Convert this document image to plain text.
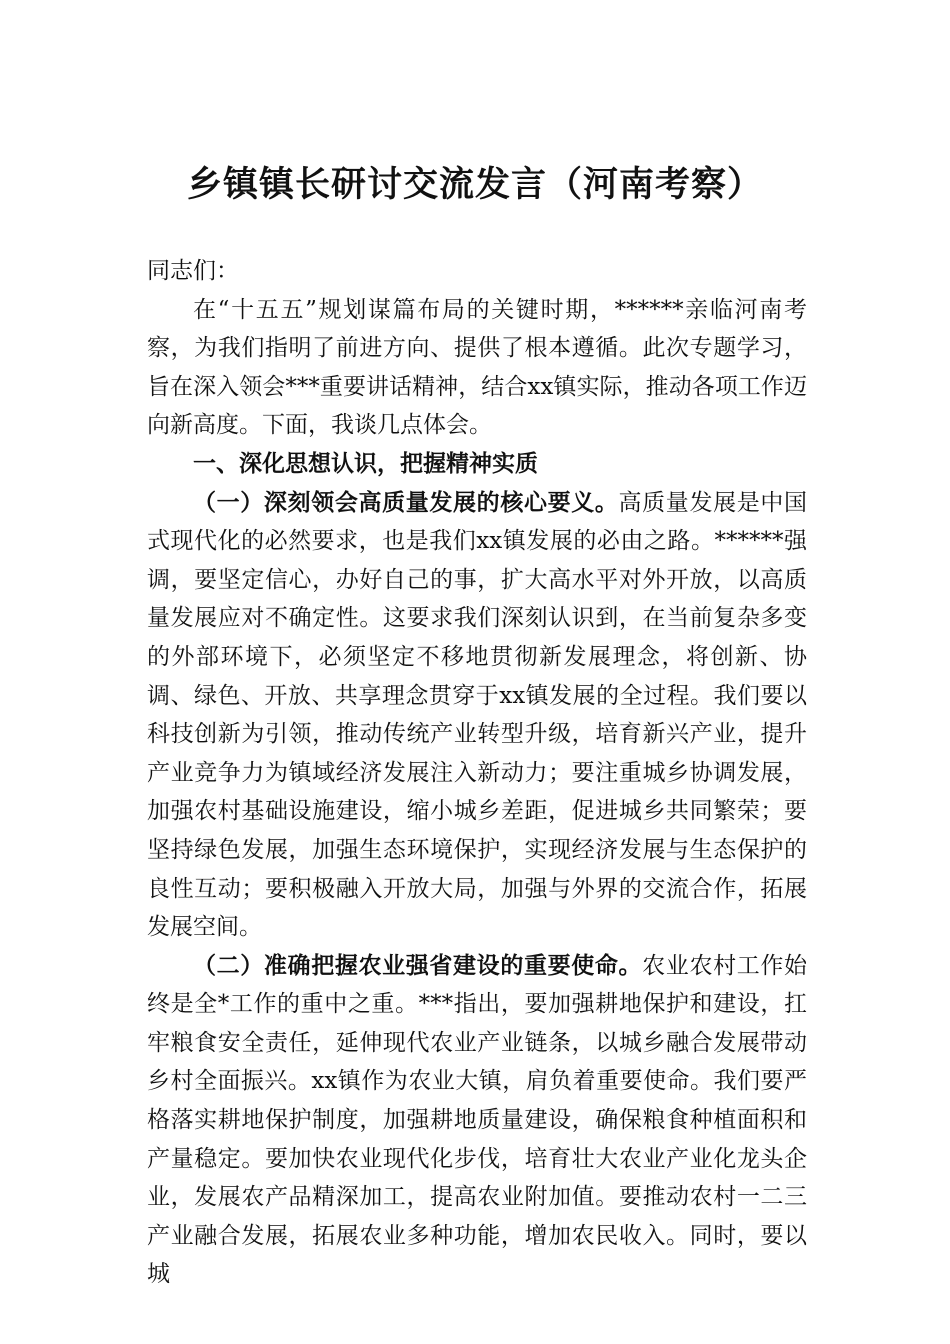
乡镇镇长研讨交流发言（河南考察）

同志们：

在“十五五”规划谋篇布局的关键时期，******亲临河南考察，为我们指明了前进方向、提供了根本遵循。此次专题学习，旨在深入领会***重要讲话精神，结合xx镇实际，推动各项工作迈向新高度。下面，我谈几点体会。

一、深化思想认识，把握精神实质

（一）深刻领会高质量发展的核心要义。高质量发展是中国式现代化的必然要求，也是我们xx镇发展的必由之路。******强调，要坚定信心，办好自己的事，扩大高水平对外开放，以高质量发展应对不确定性。这要求我们深刻认识到，在当前复杂多变的外部环境下，必须坚定不移地贯彻新发展理念，将创新、协调、绿色、开放、共享理念贯穿于xx镇发展的全过程。我们要以科技创新为引领，推动传统产业转型升级，培育新兴产业，提升产业竞争力为镇域经济发展注入新动力；要注重城乡协调发展，加强农村基础设施建设，缩小城乡差距，促进城乡共同繁荣；要坚持绿色发展，加强生态环境保护，实现经济发展与生态保护的良性互动；要积极融入开放大局，加强与外界的交流合作，拓展发展空间。

（二）准确把握农业强省建设的重要使命。农业农村工作始终是全*工作的重中之重。***指出，要加强耕地保护和建设，扛牢粮食安全责任，延伸现代农业产业链条，以城乡融合发展带动乡村全面振兴。xx镇作为农业大镇，肩负着重要使命。我们要严格落实耕地保护制度，加强耕地质量建设，确保粮食种植面积和产量稳定。要加快农业现代化步伐，培育壮大农业产业化龙头企业，发展农产品精深加工，提高农业附加值。要推动农村一二三产业融合发展，拓展农业多种功能，增加农民收入。同时，要以城
